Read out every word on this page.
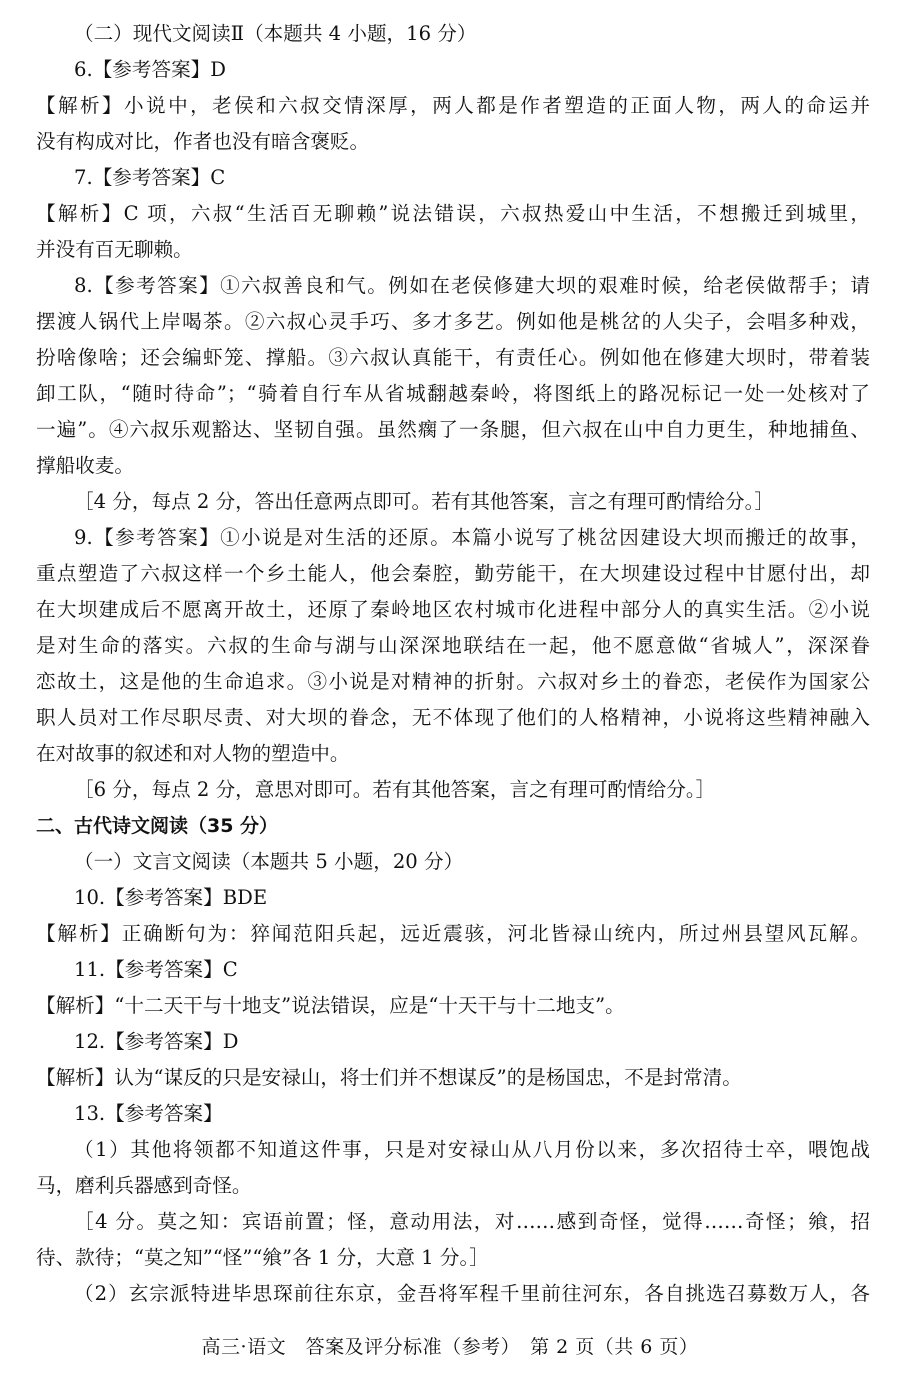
（二）现代文阅读Ⅱ（本题共 4 小题，16 分）
6.【参考答案】D
【解析】小说中，老侯和六叔交情深厚，两人都是作者塑造的正面人物，两人的命运并
没有构成对比，作者也没有暗含褒贬。
7.【参考答案】C
【解析】C 项，六叔“生活百无聊赖”说法错误，六叔热爱山中生活，不想搬迁到城里，
并没有百无聊赖。
8.【参考答案】①六叔善良和气。例如在老侯修建大坝的艰难时候，给老侯做帮手；请
摆渡人锅代上岸喝茶。②六叔心灵手巧、多才多艺。例如他是桃岔的人尖子，会唱多种戏，
扮啥像啥；还会编虾笼、撑船。③六叔认真能干，有责任心。例如他在修建大坝时，带着装
卸工队，“随时待命”；“骑着自行车从省城翻越秦岭，将图纸上的路况标记一处一处核对了
一遍”。④六叔乐观豁达、坚韧自强。虽然瘸了一条腿，但六叔在山中自力更生，种地捕鱼、
撑船收麦。
［4 分，每点 2 分，答出任意两点即可。若有其他答案，言之有理可酌情给分。］
9.【参考答案】①小说是对生活的还原。本篇小说写了桃岔因建设大坝而搬迁的故事，
重点塑造了六叔这样一个乡土能人，他会秦腔，勤劳能干，在大坝建设过程中甘愿付出，却
在大坝建成后不愿离开故土，还原了秦岭地区农村城市化进程中部分人的真实生活。②小说
是对生命的落实。六叔的生命与湖与山深深地联结在一起，他不愿意做“省城人”，深深眷
恋故土，这是他的生命追求。③小说是对精神的折射。六叔对乡土的眷恋，老侯作为国家公
职人员对工作尽职尽责、对大坝的眷念，无不体现了他们的人格精神，小说将这些精神融入
在对故事的叙述和对人物的塑造中。
［6 分，每点 2 分，意思对即可。若有其他答案，言之有理可酌情给分。］
二、古代诗文阅读（35 分）
（一）文言文阅读（本题共 5 小题，20 分）
10.【参考答案】BDE
【解析】正确断句为：猝闻范阳兵起，远近震骇，河北皆禄山统内，所过州县望风瓦解。
11.【参考答案】C
【解析】“十二天干与十地支”说法错误，应是“十天干与十二地支”。
12.【参考答案】D
【解析】认为“谋反的只是安禄山，将士们并不想谋反”的是杨国忠，不是封常清。
13.【参考答案】
（1）其他将领都不知道这件事，只是对安禄山从八月份以来，多次招待士卒，喂饱战
马，磨利兵器感到奇怪。
［4 分。莫之知：宾语前置；怪，意动用法，对……感到奇怪，觉得……奇怪；飨，招
待、款待；“莫之知”“怪”“飨”各 1 分，大意 1 分。］
（2）玄宗派特进毕思琛前往东京，金吾将军程千里前往河东，各自挑选召募数万人，各
高三·语文　答案及评分标准（参考）　第 2 页（共 6 页）
